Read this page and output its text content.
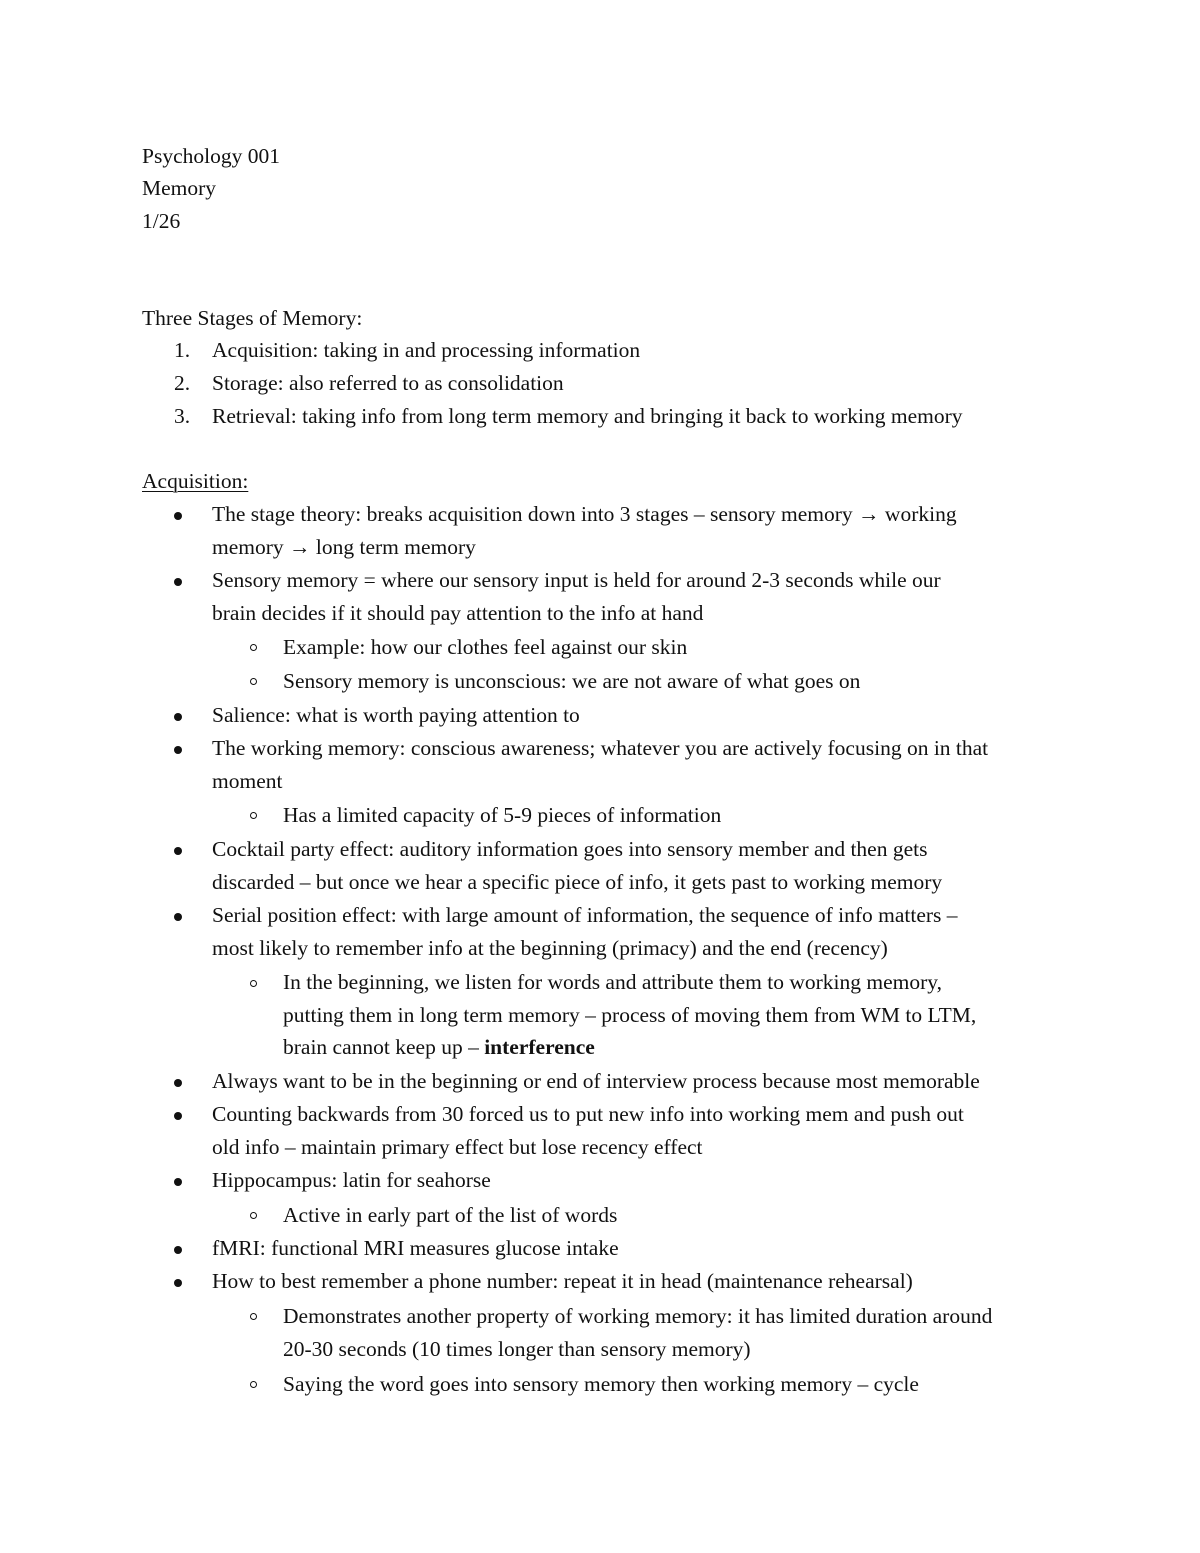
Psychology 001
Memory
1/26
Three Stages of Memory:
1. Acquisition: taking in and processing information
2. Storage: also referred to as consolidation
3. Retrieval: taking info from long term memory and bringing it back to working memory
Acquisition:
The stage theory: breaks acquisition down into 3 stages – sensory memory → working
memory → long term memory
Sensory memory = where our sensory input is held for around 2-3 seconds while our
brain decides if it should pay attention to the info at hand
Example: how our clothes feel against our skin
Sensory memory is unconscious: we are not aware of what goes on
Salience: what is worth paying attention to
The working memory: conscious awareness; whatever you are actively focusing on in that
moment
Has a limited capacity of 5-9 pieces of information
Cocktail party effect: auditory information goes into sensory member and then gets
discarded – but once we hear a specific piece of info, it gets past to working memory
Serial position effect: with large amount of information, the sequence of info matters –
most likely to remember info at the beginning (primacy) and the end (recency)
In the beginning, we listen for words and attribute them to working memory,
putting them in long term memory – process of moving them from WM to LTM,
brain cannot keep up – interference
Always want to be in the beginning or end of interview process because most memorable
Counting backwards from 30 forced us to put new info into working mem and push out
old info – maintain primary effect but lose recency effect
Hippocampus: latin for seahorse
Active in early part of the list of words
fMRI: functional MRI measures glucose intake
How to best remember a phone number: repeat it in head (maintenance rehearsal)
Demonstrates another property of working memory: it has limited duration around
20-30 seconds (10 times longer than sensory memory)
Saying the word goes into sensory memory then working memory – cycle
